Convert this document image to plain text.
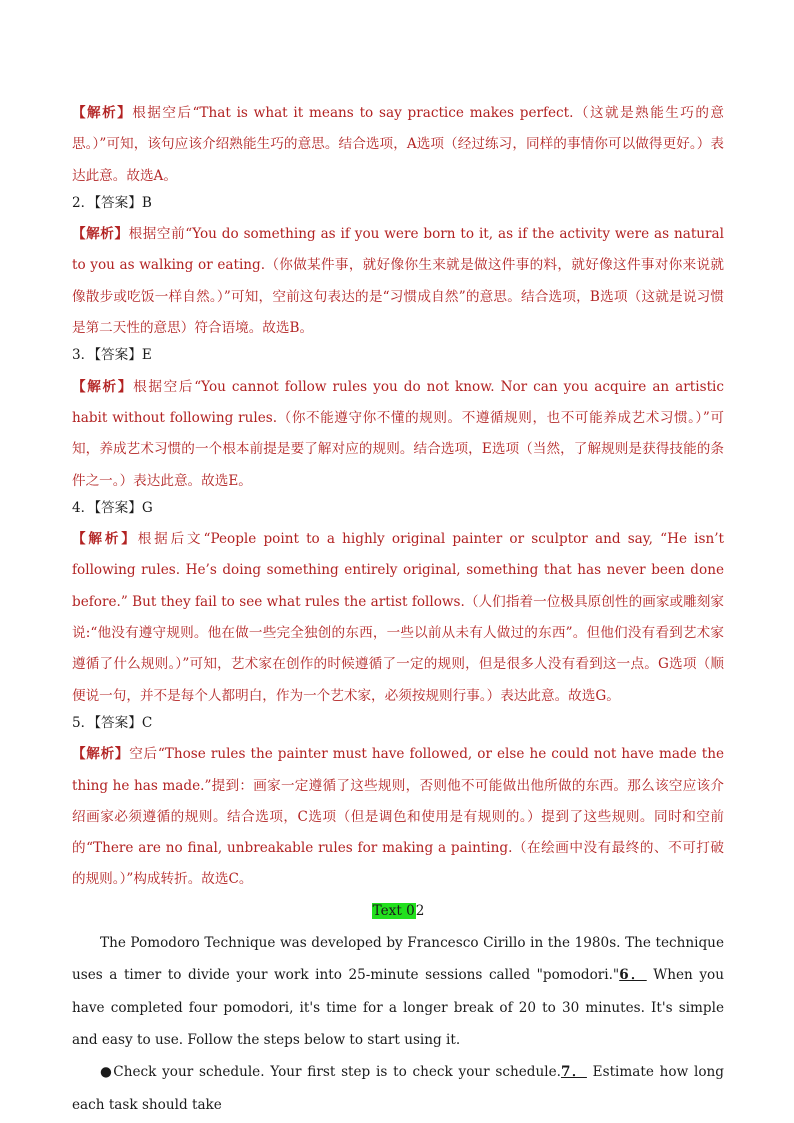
【解析】根据空后“That is what it means to say practice makes perfect.（这就是熟能生巧的意思。）”可知，该句应该介绍熟能生巧的意思。结合选项，A选项（经过练习，同样的事情你可以做得更好。）表达此意。故选A。

2．【答案】B

【解析】根据空前“You do something as if you were born to it, as if the activity were as natural to you as walking or eating.（你做某件事，就好像你生来就是做这件事的料，就好像这件事对你来说就像散步或吃饭一样自然。）”可知，空前这句表达的是“习惯成自然”的意思。结合选项，B选项（这就是说习惯是第二天性的意思）符合语境。故选B。

3．【答案】E

【解析】根据空后“You cannot follow rules you do not know. Nor can you acquire an artistic habit without following rules.（你不能遵守你不懂的规则。不遵循规则，也不可能养成艺术习惯。）”可知，养成艺术习惯的一个根本前提是要了解对应的规则。结合选项，E选项（当然，了解规则是获得技能的条件之一。）表达此意。故选E。

4．【答案】G

【解析】根据后文“People point to a highly original painter or sculptor and say, “He isn’t following rules. He’s doing something entirely original, something that has never been done before.” But they fail to see what rules the artist follows.（人们指着一位极具原创性的画家或雕刻家说:“他没有遵守规则。他在做一些完全独创的东西，一些以前从未有人做过的东西”。但他们没有看到艺术家遵循了什么规则。）”可知，艺术家在创作的时候遵循了一定的规则，但是很多人没有看到这一点。G选项（顺便说一句，并不是每个人都明白，作为一个艺术家，必须按规则行事。）表达此意。故选G。

5．【答案】C

【解析】空后“Those rules the painter must have followed, or else he could not have made the thing he has made.”提到：画家一定遵循了这些规则，否则他不可能做出他所做的东西。那么该空应该介绍画家必须遵循的规则。结合选项，C选项（但是调色和使用是有规则的。）提到了这些规则。同时和空前的“There are no final, unbreakable rules for making a painting.（在绘画中没有最终的、不可打破的规则。）”构成转折。故选C。

Text 02

The Pomodoro Technique was developed by Francesco Cirillo in the 1980s. The technique uses a timer to divide your work into 25-minute sessions called "pomodori."6． When you have completed four pomodori, it's time for a longer break of 20 to 30 minutes. It's simple and easy to use. Follow the steps below to start using it.

●Check your schedule. Your first step is to check your schedule.7． Estimate how long each task should take
